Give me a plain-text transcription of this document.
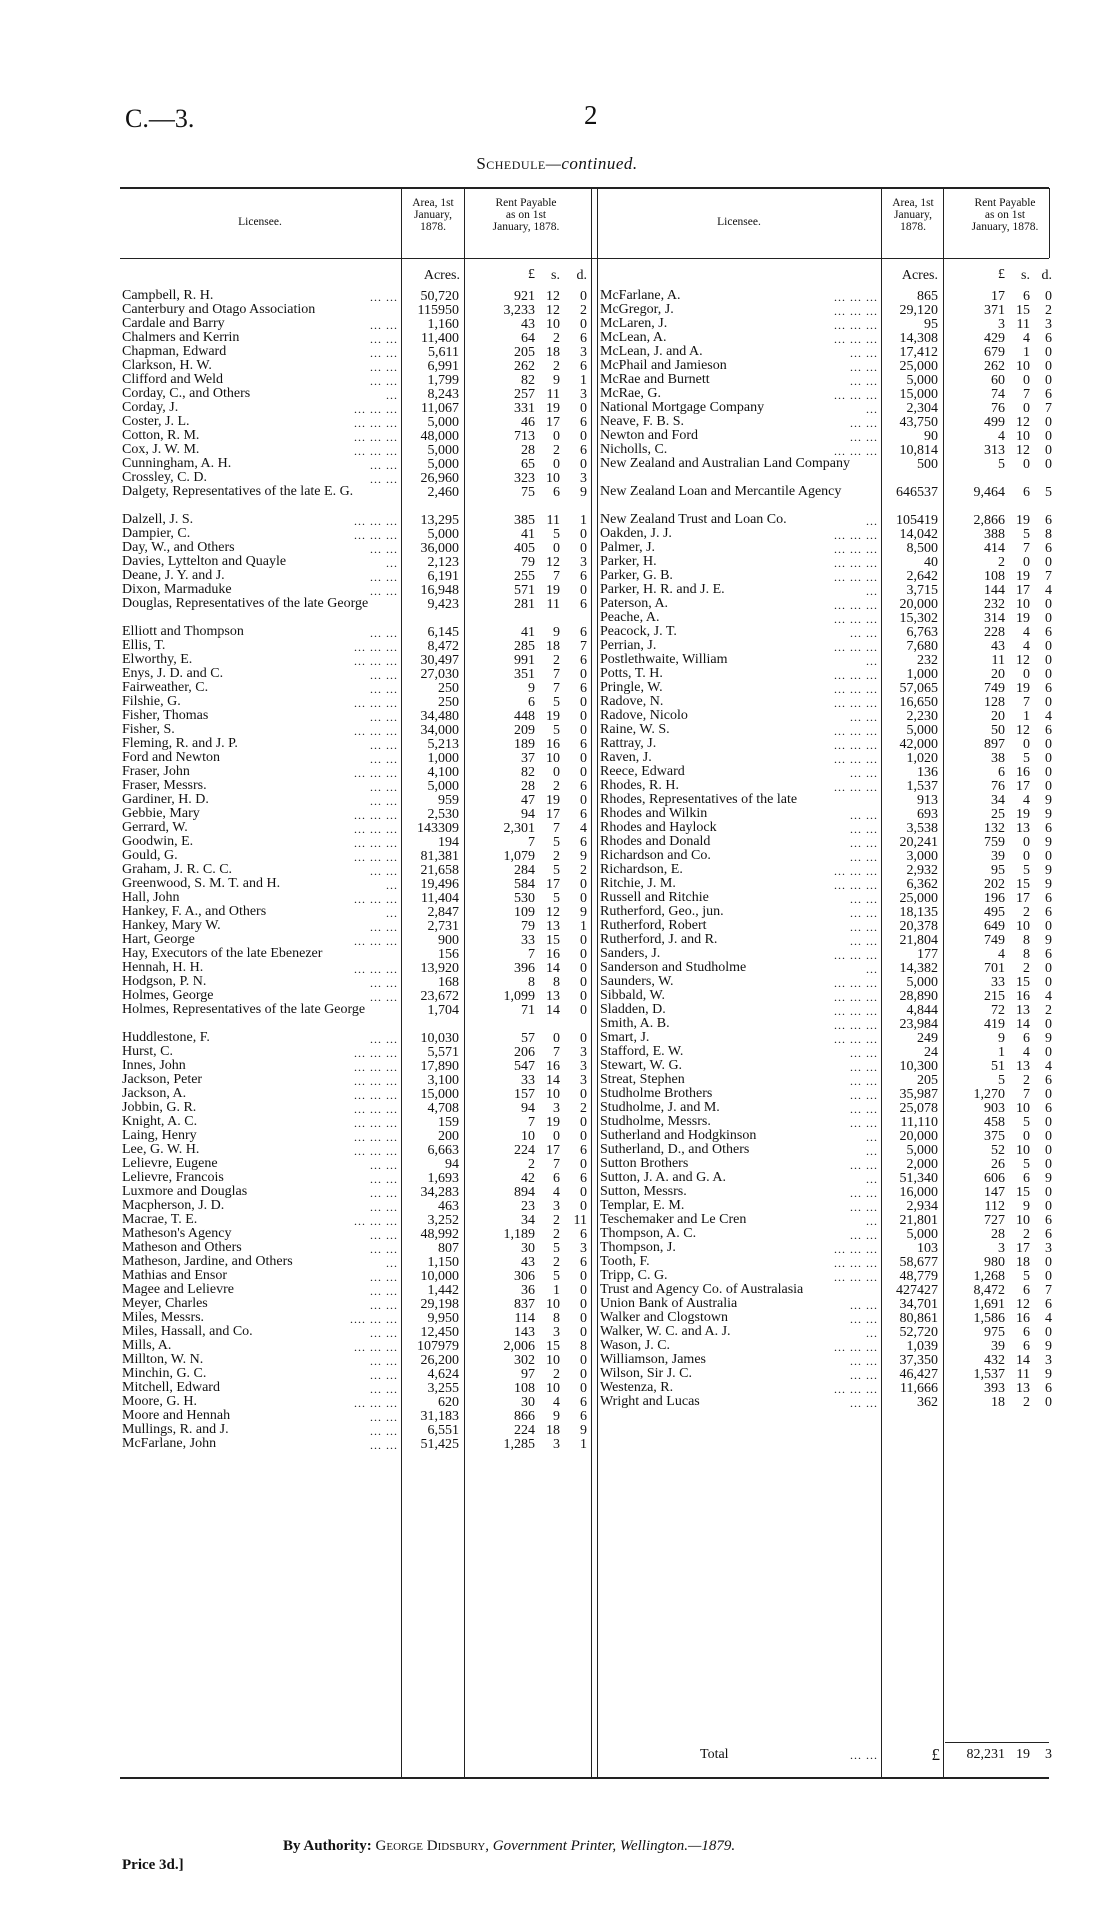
C.—3.	2
Schedule—continued.
Licensee.
Area, 1st
January,
1878.
Rent Payable
as on 1st
January, 1878.	Licensee.
Area, 1st
January,
1878.
Rent Payable
as on 1st
January, 1878.
Acres.	£	s.	d.	Acres.	£	s. d.
Campbell, R. H.	... ...	50,720	921 12	0
Canterbury and Otago Association	115950	3,233 12	2
Cardale and Barry	... ...	1,160	43 10	0
Chalmers and Kerrin	... ...	11,400	64	2	6
Chapman, Edward	... ...	5,611	205 18	3
Clarkson, H. W.	... ...	6,991	262	2	6
Clifford and Weld	... ...	1,799	82	9	1
Corday, C., and Others	...	8,243	257 11	3
Corday, J.	... ... ...	11,067	331 19	0
Coster, J. L.	... ... ...	5,000	46 17	6
Cotton, R. M.	... ... ...	48,000	713	0	0
Cox, J. W. M.	... ... ...	5,000	28	2	6
Cunningham, A. H.	... ...	5,000	65	0	0
Crossley, C. D.	... ...	26,960	323 10	3
Dalgety, Representatives of the late E. G.	2,460	75	6	9
Dalzell, J. S.	... ... ...	13,295	385 11	1
Dampier, C.	... ... ...	5,000	41	5	0
Day, W., and Others	... ...	36,000	405	0	0
Davies, Lyttelton and Quayle	...	2,123	79 12	3
Deane, J. Y. and J.	... ...	6,191	255	7	6
Dixon, Marmaduke	... ...	16,948	571 19	0
Douglas, Representatives of the late George	9,423	281 11	6
Elliott and Thompson	... ...	6,145	41	9	6
Ellis, T.	... ... ...	8,472	285 18	7
Elworthy, E.	... ... ...	30,497	991	2	6
Enys, J. D. and C.	... ...	27,030	351	7	0
Fairweather, C.	... ...	250	9	7	6
Filshie, G.	... ... ...	250	6	5	0
Fisher, Thomas	... ...	34,480	448 19	0
Fisher, S.	... ... ...	34,000	209	5	0
Fleming, R. and J. P.	... ...	5,213	189 16	6
Ford and Newton	... ...	1,000	37 10	0
Fraser, John	... ... ...	4,100	82	0	0
Fraser, Messrs.	... ...	5,000	28	2	6
Gardiner, H. D.	... ...	959	47 19	0
Gebbie, Mary	... ... ...	2,530	94 17	6
Gerrard, W.	... ... ...	143309	2,301	7	4
Goodwin, E.	... ... ...	194	7	5	6
Gould, G.	... ... ...	81,381	1,079	2	9
Graham, J. R. C. C.	... ...	21,658	284	5	2
Greenwood, S. M. T. and H.	...	19,496	584 17	0
Hall, John	... ... ...	11,404	530	5	0
Hankey, F. A., and Others	...	2,847	109 12	9
Hankey, Mary W.	... ...	2,731	79 13	1
Hart, George	... ... ...	900	33 15	0
Hay, Executors of the late Ebenezer	156	7 16	0
Hennah, H. H.	... ... ...	13,920	396 14	0
Hodgson, P. N.	... ...	168	8	8	0
Holmes, George	... ...	23,672	1,099 13	0
Holmes, Representatives of the late George	1,704	71 14	0
Huddlestone, F.	... ...	10,030	57	0	0
Hurst, C.	... ... ...	5,571	206	7	3
Innes, John	... ... ...	17,890	547 16	3
Jackson, Peter	... ... ...	3,100	33 14	3
Jackson, A.	... ... ...	15,000	157 10	0
Jobbin, G. R.	... ... ...	4,708	94	3	2
Knight, A. C.	... ... ...	159	7 19	0
Laing, Henry	... ... ...	200	10	0	0
Lee, G. W. H.	... ... ...	6,663	224 17	6
Lelievre, Eugene	... ...	94	2	7	0
Lelievre, Francois	... ...	1,693	42	6	6
Luxmore and Douglas	... ...	34,283	894	4	0
Macpherson, J. D.	... ...	463	23	3	0
Macrae, T. E.	... ... ...	3,252	34	2 11
Matheson's Agency	... ...	48,992	1,189	2	6
Matheson and Others	... ...	807	30	5	3
Matheson, Jardine, and Others	...	1,150	43	2	6
Mathias and Ensor	... ...	10,000	306	5	0
Magee and Lelievre	... ...	1,442	36	1	0
Meyer, Charles	... ...	29,198	837 10	0
Miles, Messrs.	.... ... ...	9,950	114	8	0
Miles, Hassall, and Co.	... ...	12,450	143	3	0
Mills, A.	... ... ...	107979	2,006 15	8
Millton, W. N.	... ...	26,200	302 10	0
Minchin, G. C.	... ...	4,624	97	2	0
Mitchell, Edward	... ...	3,255	108 10	0
Moore, G. H.	... ... ...	620	30	4	6
Moore and Hennah	... ...	31,183	866	9	6
Mullings, R. and J.	... ...	6,551	224 18	9
McFarlane, John	... ...	51,425	1,285	3	1
McFarlane, A.	... ... ...	865	17	6	0
McGregor, J.	... ... ...	29,120	371 15	2
McLaren, J.	... ... ...	95	3 11	3
McLean, A.	... ... ...	14,308	429	4	6
McLean, J. and A.	... ...	17,412	679	1	0
McPhail and Jamieson	... ...	25,000	262 10	0
McRae and Burnett	... ...	5,000	60	0	0
McRae, G.	... ... ...	15,000	74	7	6
National Mortgage Company	...	2,304	76	0	7
Neave, F. B. S.	... ...	43,750	499 12	0
Newton and Ford	... ...	90	4 10	0
Nicholls, C.	... ... ...	10,814	313 12	0
New Zealand and Australian Land Company	500	5	0	0
New Zealand Loan and Mercantile Agency	646537	9,464	6	5
New Zealand Trust and Loan Co.	...	105419	2,866 19	6
Oakden, J. J.	... ... ...	14,042	388	5	8
Palmer, J.	... ... ...	8,500	414	7	6
Parker, H.	... ... ...	40	2	0	0
Parker, G. B.	... ... ...	2,642	108 19	7
Parker, H. R. and J. E.	...	3,715	144 17	4
Paterson, A.	... ... ...	20,000	232 10	0
Peache, A.	... ... ...	15,302	314 19	0
Peacock, J. T.	... ...	6,763	228	4	6
Perrian, J.	... ... ...	7,680	43	4	0
Postlethwaite, William	...	232	11 12	0
Potts, T. H.	... ... ...	1,000	20	0	0
Pringle, W.	... ... ...	57,065	749 19	6
Radove, N.	... ... ...	16,650	128	7	0
Radove, Nicolo	... ...	2,230	20	1	4
Raine, W. S.	... ... ...	5,000	50 12	6
Rattray, J.	... ... ...	42,000	897	0	0
Raven, J.	... ... ...	1,020	38	5	0
Reece, Edward	... ...	136	6 16	0
Rhodes, R. H.	... ... ...	1,537	76 17	0
Rhodes, Representatives of the late	913	34	4	9
Rhodes and Wilkin	... ...	693	25 19	9
Rhodes and Haylock	... ...	3,538	132 13	6
Rhodes and Donald	... ...	20,241	759	0	9
Richardson and Co.	... ...	3,000	39	0	0
Richardson, E.	... ... ...	2,932	95	5	9
Ritchie, J. M.	... ... ...	6,362	202 15	9
Russell and Ritchie	... ...	25,000	196 17	6
Rutherford, Geo., jun.	... ...	18,135	495	2	6
Rutherford, Robert	... ...	20,378	649 10	0
Rutherford, J. and R.	... ...	21,804	749	8	9
Sanders, J.	... ... ...	177	4	8	6
Sanderson and Studholme	...	14,382	701	2	0
Saunders, W.	... ... ...	5,000	33 15	0
Sibbald, W.	... ... ...	28,890	215 16	4
Sladden, D.	... ... ...	4,844	72 13	2
Smith, A. B.	... ... ...	23,984	419 14	0
Smart, J.	... ... ...	249	9	6	9
Stafford, E. W.	... ...	24	1	4	0
Stewart, W. G.	... ...	10,300	51 13	4
Streat, Stephen	... ...	205	5	2	6
Studholme Brothers	... ...	35,987	1,270	7	0
Studholme, J. and M.	... ...	25,078	903 10	6
Studholme, Messrs.	... ...	11,110	458	5	0
Sutherland and Hodgkinson	...	20,000	375	0	0
Sutherland, D., and Others	...	5,000	52 10	0
Sutton Brothers	... ...	2,000	26	5	0
Sutton, J. A. and G. A.	...	51,340	606	6	9
Sutton, Messrs.	... ...	16,000	147 15	0
Templar, E. M.	... ...	2,934	112	9	0
Teschemaker and Le Cren	...	21,801	727 10	6
Thompson, A. C.	... ...	5,000	28	2	6
Thompson, J.	... ... ...	103	3 17	3
Tooth, F.	... ... ...	58,677	980 18	0
Tripp, C. G.	... ... ...	48,779	1,268	5	0
Trust and Agency Co. of Australasia	427427	8,472	6	7
Union Bank of Australia	... ...	34,701	1,691 12	6
Walker and Clogstown	... ...	80,861	1,586 16	4
Walker, W. C. and A. J.	...	52,720	975	6	0
Wason, J. C.	... ... ...	1,039	39	6	9
Williamson, James	... ...	37,350	432 14	3
Wilson, Sir J. C.	... ...	46,427	1,537 11	9
Westenza, R.	... ... ...	11,666	393 13	6
Wright and Lucas	... ...	362	18	2	0
Total	... ...	£	82,231 19	3
Price 3d.]
By Authority: George Didsbury, Government Printer, Wellington.—1879.
